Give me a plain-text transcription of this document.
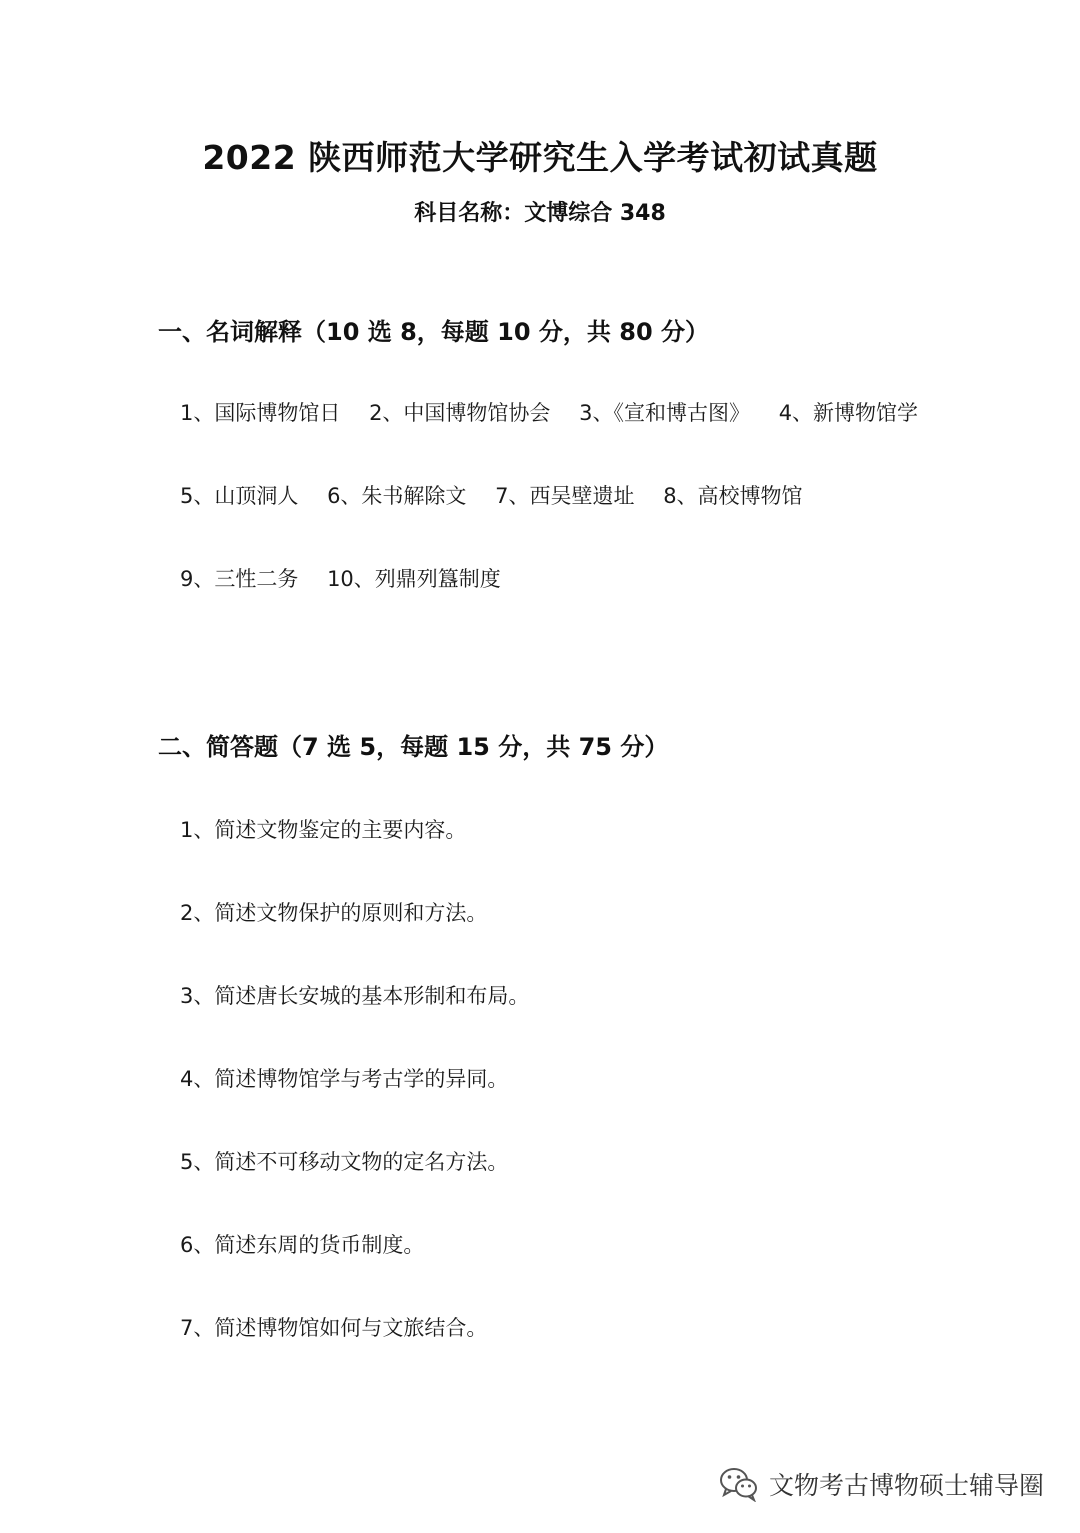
2022 陕西师范大学研究生入学考试初试真题
科目名称：文博综合 348
一、名词解释（10 选 8，每题 10 分，共 80 分）
1、国际博物馆日 2、中国博物馆协会 3、《宣和博古图》 4、新博物馆学
5、山顶洞人 6、朱书解除文 7、西吴壁遗址 8、高校博物馆
9、三性二务 10、列鼎列簋制度
二、简答题（7 选 5，每题 15 分，共 75 分）
1、简述文物鉴定的主要内容。
2、简述文物保护的原则和方法。
3、简述唐长安城的基本形制和布局。
4、简述博物馆学与考古学的异同。
5、简述不可移动文物的定名方法。
6、简述东周的货币制度。
7、简述博物馆如何与文旅结合。
文物考古博物硕士辅导圈
